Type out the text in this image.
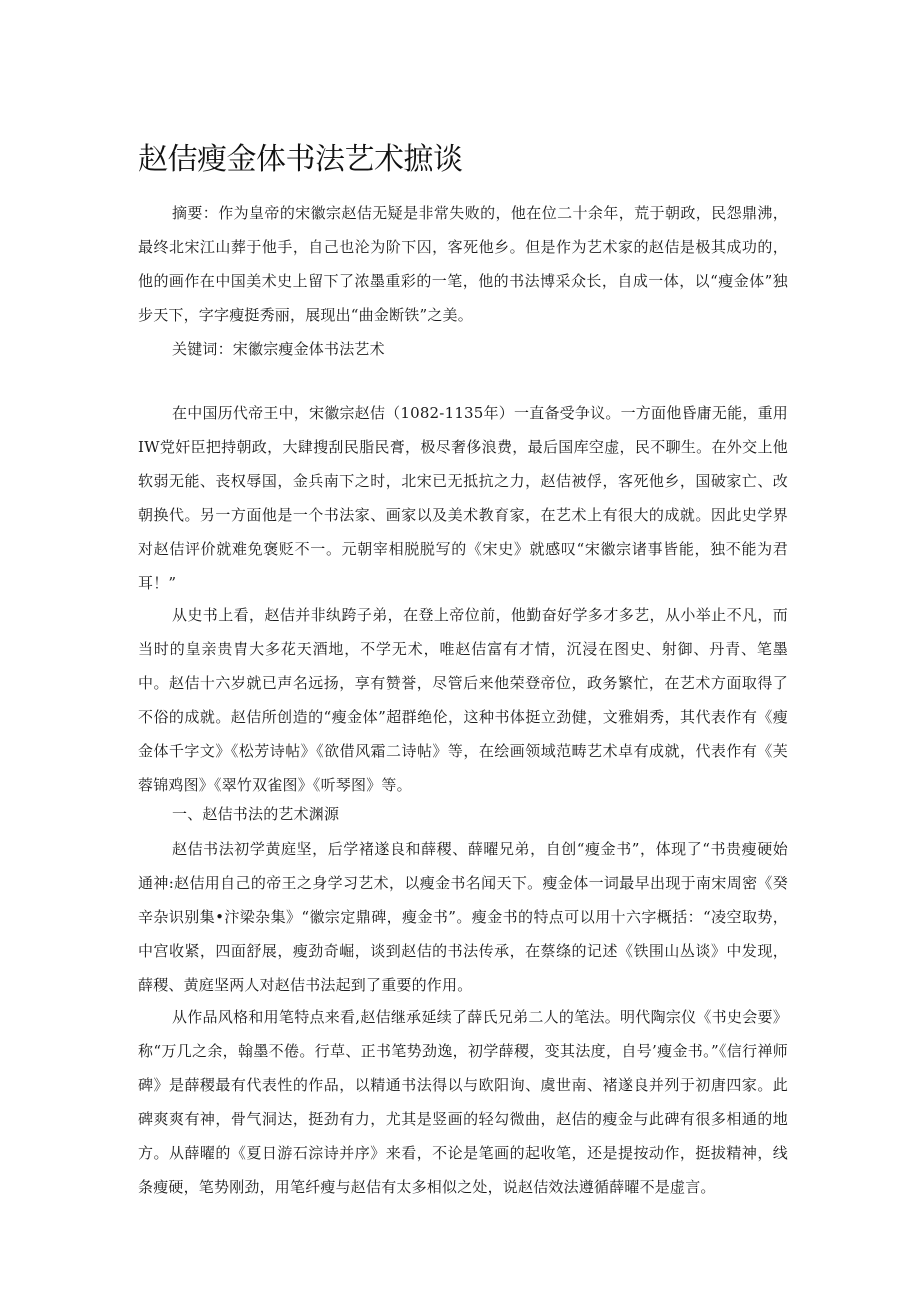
赵佶瘦金体书法艺术摭谈
摘要：作为皇帝的宋徽宗赵佶无疑是非常失败的，他在位二十余年，荒于朝政，民怨鼎沸，最终北宋江山葬于他手，自己也沦为阶下囚，客死他乡。但是作为艺术家的赵佶是极其成功的，他的画作在中国美术史上留下了浓墨重彩的一笔，他的书法博采众长，自成一体，以“瘦金体”独步天下，字字瘦挺秀丽，展现出“曲金断铁”之美。
关键词：宋徽宗瘦金体书法艺术
在中国历代帝王中，宋徽宗赵佶（1082-1135年）一直备受争议。一方面他昏庸无能，重用IW党奸臣把持朝政，大肆搜刮民脂民膏，极尽奢侈浪费，最后国库空虚，民不聊生。在外交上他软弱无能、丧权辱国，金兵南下之时，北宋已无抵抗之力，赵佶被俘，客死他乡，国破家亡、改朝换代。另一方面他是一个书法家、画家以及美术教育家，在艺术上有很大的成就。因此史学界对赵佶评价就难免褒贬不一。元朝宰相脱脱写的《宋史》就感叹“宋徽宗诸事皆能，独不能为君耳！”
从史书上看，赵佶并非纨跨子弟，在登上帝位前，他勤奋好学多才多艺，从小举止不凡，而当时的皇亲贵胄大多花天酒地，不学无术，唯赵佶富有才情，沉浸在图史、射御、丹青、笔墨中。赵佶十六岁就已声名远扬，享有赞誉，尽管后来他荣登帝位，政务繁忙，在艺术方面取得了不俗的成就。赵佶所创造的“瘦金体”超群绝伦，这种书体挺立劲健，文雅娟秀，其代表作有《瘦金体千字文》《松芳诗帖》《欲借风霜二诗帖》等，在绘画领域范畴艺术卓有成就，代表作有《芙蓉锦鸡图》《翠竹双雀图》《听琴图》等。
一、赵佶书法的艺术渊源
赵佶书法初学黄庭坚，后学褚遂良和薛稷、薛曜兄弟，自创“瘦金书”，体现了“书贵瘦硬始通神:赵佶用自己的帝王之身学习艺术，以瘦金书名闻天下。瘦金体一词最早出现于南宋周密《癸辛杂识别集•汴梁杂集》“徽宗定鼎碑，瘦金书”。瘦金书的特点可以用十六字概括：“凌空取势，中宫收紧，四面舒展，瘦劲奇崛，谈到赵佶的书法传承，在蔡绦的记述《铁围山丛谈》中发现，薛稷、黄庭坚两人对赵佶书法起到了重要的作用。
从作品风格和用笔特点来看,赵佶继承延续了薛氏兄弟二人的笔法。明代陶宗仪《书史会要》称“万几之余，翰墨不倦。行草、正书笔势劲逸，初学薛稷，变其法度，自号’瘦金书。”《信行禅师碑》是薛稷最有代表性的作品，以精通书法得以与欧阳询、虞世南、褚遂良并列于初唐四家。此碑爽爽有神，骨气洞达，挺劲有力，尤其是竖画的轻勾微曲，赵佶的瘦金与此碑有很多相通的地方。从薛曜的《夏日游石淙诗并序》来看，不论是笔画的起收笔，还是提按动作，挺拔精神，线条瘦硬，笔势刚劲，用笔纤瘦与赵佶有太多相似之处，说赵佶效法遵循薛曜不是虚言。
